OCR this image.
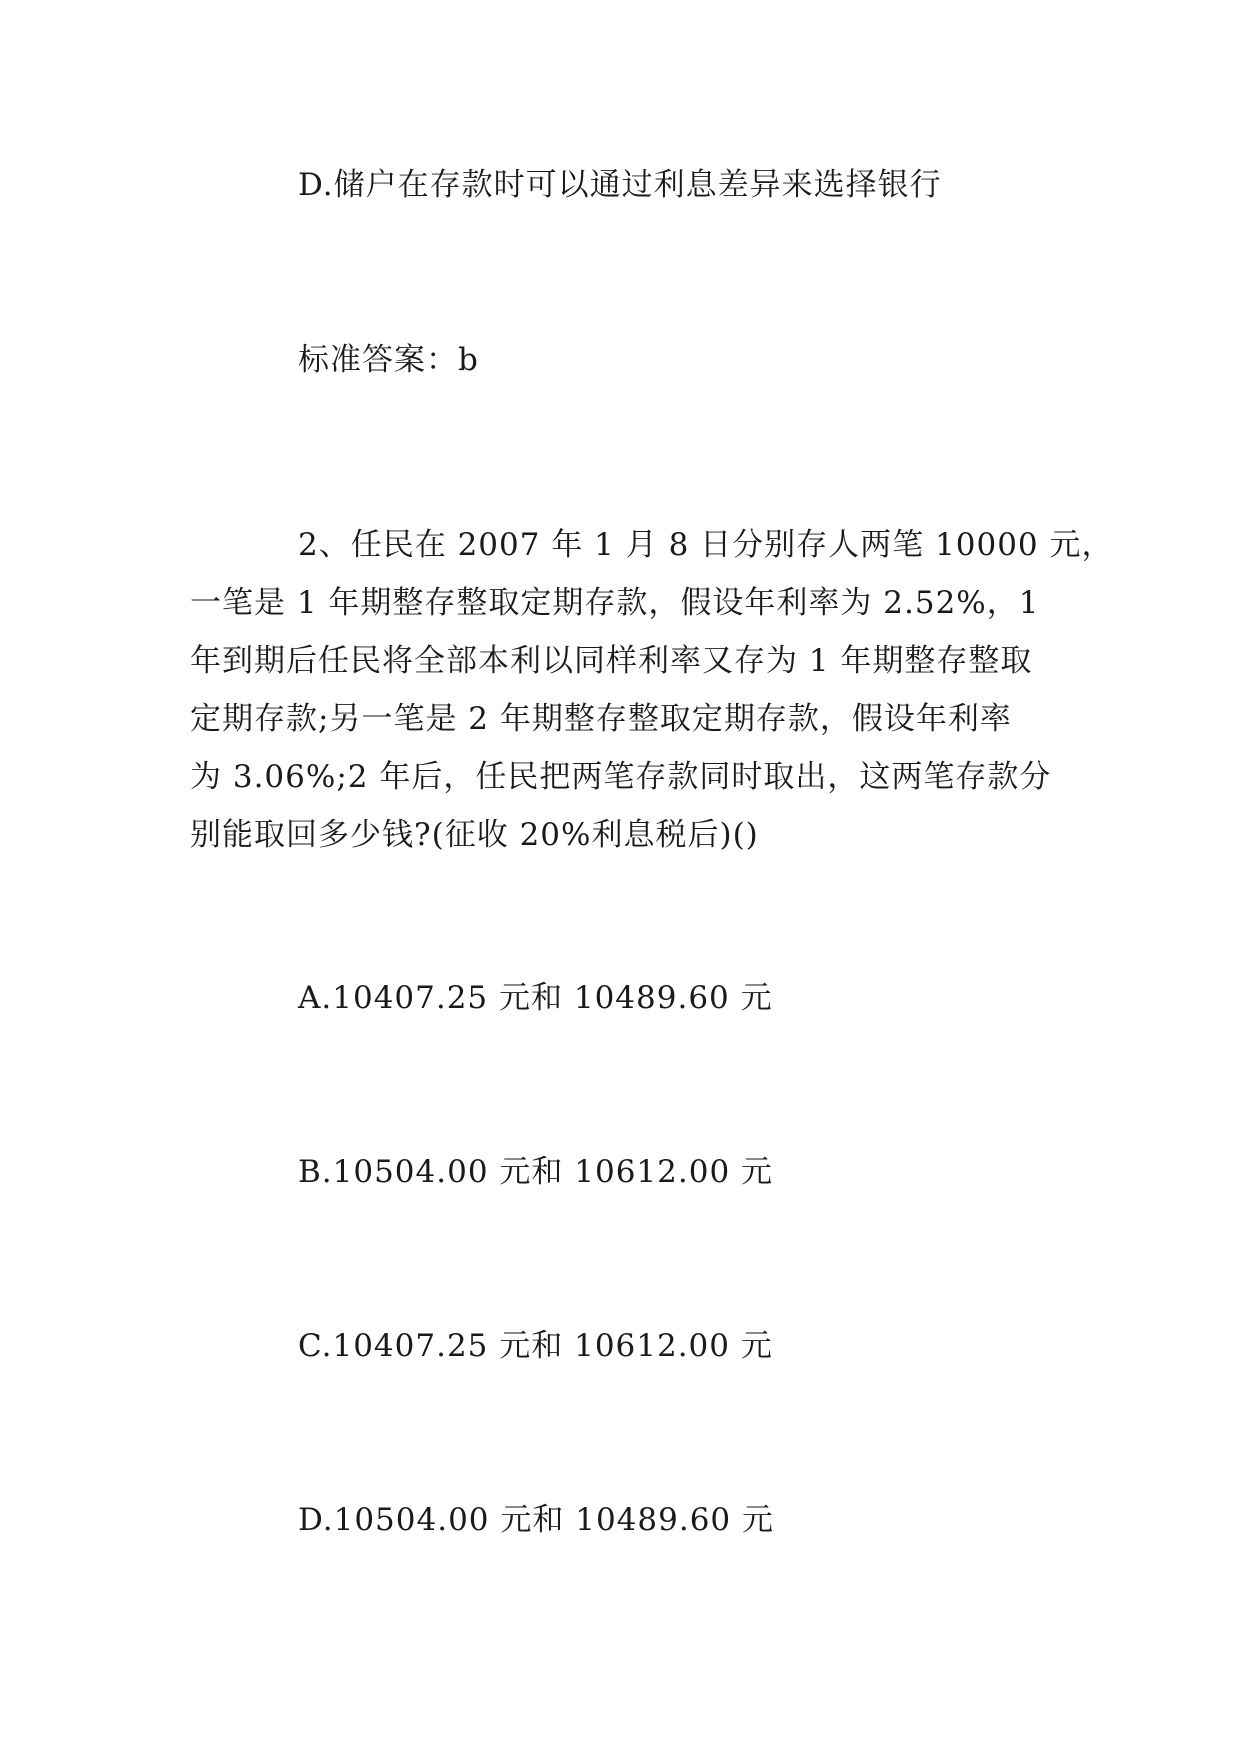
D.储户在存款时可以通过利息差异来选择银行
标准答案：b
2、任民在 2007 年 1 月 8 日分别存人两笔 10000 元，
一笔是 1 年期整存整取定期存款，假设年利率为 2.52%，1
年到期后任民将全部本利以同样利率又存为 1 年期整存整取
定期存款;另一笔是 2 年期整存整取定期存款，假设年利率
为 3.06%;2 年后，任民把两笔存款同时取出，这两笔存款分
别能取回多少钱?(征收 20%利息税后)()
A.10407.25 元和 10489.60 元
B.10504.00 元和 10612.00 元
C.10407.25 元和 10612.00 元
D.10504.00 元和 10489.60 元
